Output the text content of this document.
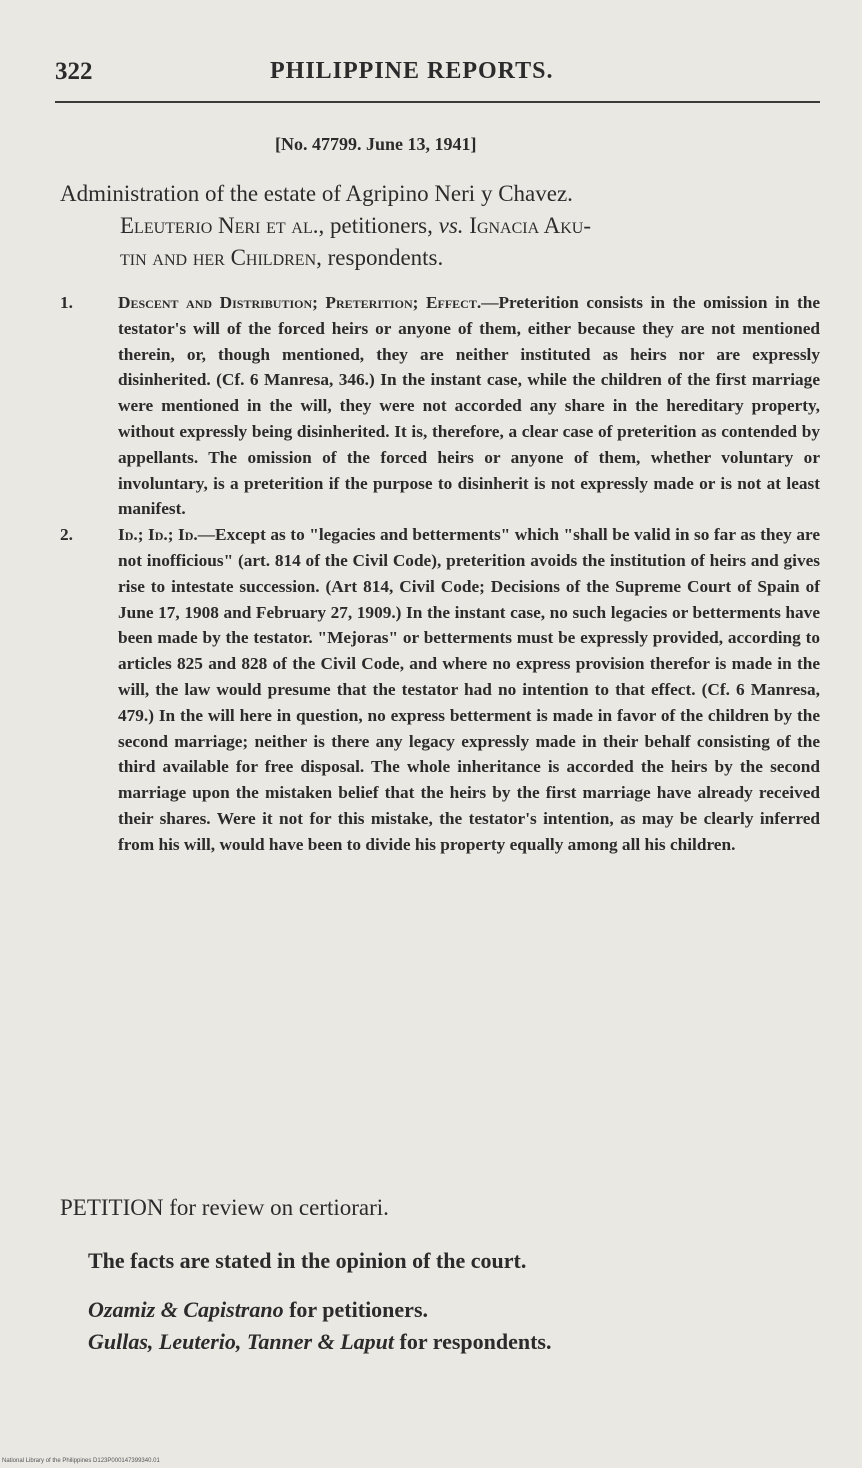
322	PHILIPPINE REPORTS.
[No. 47799. June 13, 1941]
Administration of the estate of Agripino Neri y Chavez.
Eleuterio Neri et al., petitioners, vs. Ignacia Aku-
tin and her Children, respondents.
1.	Descent and Distribution; Preterition; Effect.—Preterition consists in the omission in the testator's will of the forced heirs or anyone of them, either because they are not mentioned therein, or, though mentioned, they are neither instituted as heirs nor are expressly disinherited. (Cf. 6 Manresa, 346.) In the instant case, while the children of the first marriage were mentioned in the will, they were not accorded any share in the hereditary property, without expressly being disinherited. It is, therefore, a clear case of preterition as contended by appellants. The omission of the forced heirs or anyone of them, whether voluntary or involuntary, is a preterition if the purpose to disinherit is not expressly made or is not at least manifest.
2.	Id.; Id.; Id.—Except as to "legacies and betterments" which "shall be valid in so far as they are not inofficious" (art. 814 of the Civil Code), preterition avoids the institution of heirs and gives rise to intestate succession. (Art 814, Civil Code; Decisions of the Supreme Court of Spain of June 17, 1908 and February 27, 1909.) In the instant case, no such legacies or betterments have been made by the testator. "Mejoras" or betterments must be expressly provided, according to articles 825 and 828 of the Civil Code, and where no express provision therefor is made in the will, the law would presume that the testator had no intention to that effect. (Cf. 6 Manresa, 479.) In the will here in question, no express betterment is made in favor of the children by the second marriage; neither is there any legacy expressly made in their behalf consisting of the third available for free disposal. The whole inheritance is accorded the heirs by the second marriage upon the mistaken belief that the heirs by the first marriage have already received their shares. Were it not for this mistake, the testator's intention, as may be clearly inferred from his will, would have been to divide his property equally among all his children.
PETITION for review on certiorari.
The facts are stated in the opinion of the court.
Ozamiz & Capistrano for petitioners.
Gullas, Leuterio, Tanner & Laput for respondents.
National Library of the Philippines D123P000147399340.01
